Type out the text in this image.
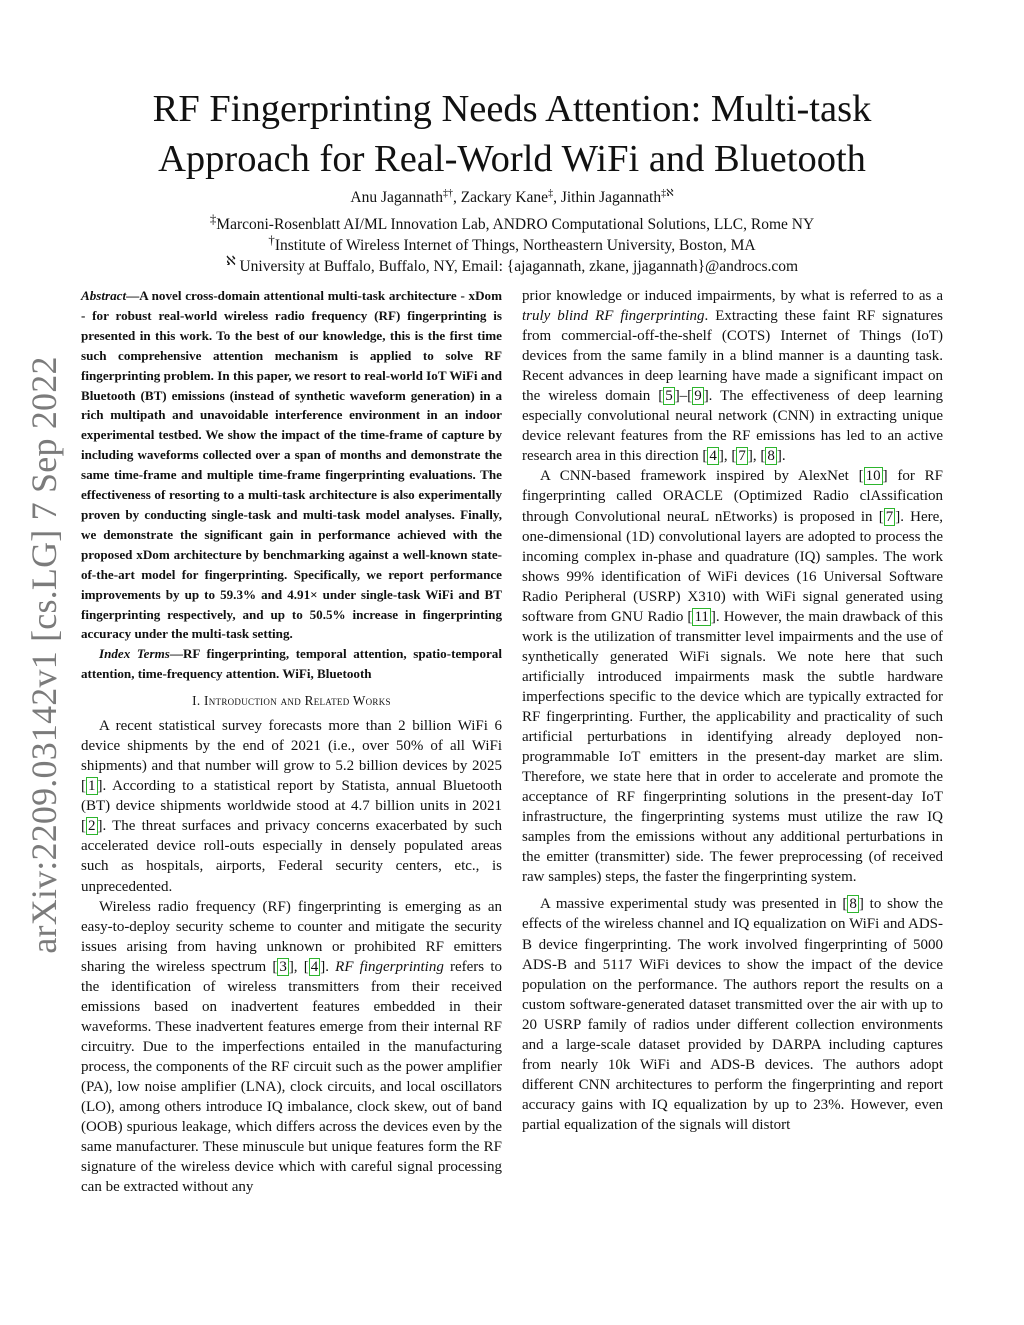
arXiv:2209.03142v1 [cs.LG] 7 Sep 2022
RF Fingerprinting Needs Attention: Multi-task Approach for Real-World WiFi and Bluetooth
Anu Jagannath‡†, Zackary Kane‡, Jithin Jagannath$^{\ddagger ℵ}$
‡Marconi-Rosenblatt AI/ML Innovation Lab, ANDRO Computational Solutions, LLC, Rome NY
†Institute of Wireless Internet of Things, Northeastern University, Boston, MA
$^ℵ$ University at Buffalo, Buffalo, NY, Email: {ajagannath, zkane, jjagannath}@androcs.com

Abstract—A novel cross-domain attentional multi-task architecture - xDom - for robust real-world wireless radio frequency (RF) fingerprinting is presented in this work. To the best of our knowledge, this is the first time such comprehensive attention mechanism is applied to solve RF fingerprinting problem. In this paper, we resort to real-world IoT WiFi and Bluetooth (BT) emissions (instead of synthetic waveform generation) in a rich multipath and unavoidable interference environment in an indoor experimental testbed. We show the impact of the time-frame of capture by including waveforms collected over a span of months and demonstrate the same time-frame and multiple time-frame fingerprinting evaluations. The effectiveness of resorting to a multi-task architecture is also experimentally proven by conducting single-task and multi-task model analyses. Finally, we demonstrate the significant gain in performance achieved with the proposed xDom architecture by benchmarking against a well-known state-of-the-art model for fingerprinting. Specifically, we report performance improvements by up to 59.3% and 4.91× under single-task WiFi and BT fingerprinting respectively, and up to 50.5% increase in fingerprinting accuracy under the multi-task setting.

Index Terms—RF fingerprinting, temporal attention, spatio-temporal attention, time-frequency attention. WiFi, Bluetooth

I. Introduction and Related Works

A recent statistical survey forecasts more than 2 billion WiFi 6 device shipments by the end of 2021 (i.e., over 50% of all WiFi shipments) and that number will grow to 5.2 billion devices by 2025 [ 1 ]. According to a statistical report by Statista, annual Bluetooth (BT) device shipments worldwide stood at 4.7 billion units in 2021 [ 2 ]. The threat surfaces and privacy concerns exacerbated by such accelerated device roll-outs especially in densely populated areas such as hospitals, airports, Federal security centers, etc., is unprecedented.

Wireless radio frequency (RF) fingerprinting is emerging as an easy-to-deploy security scheme to counter and mitigate the security issues arising from having unknown or prohibited RF emitters sharing the wireless spectrum [ 3 ], [ 4 ]. RF fingerprinting refers to the identification of wireless transmitters from their received emissions based on inadvertent features embedded in their waveforms. These inadvertent features emerge from their internal RF circuitry. Due to the imperfections entailed in the manufacturing process, the components of the RF circuit such as the power amplifier (PA), low noise amplifier (LNA), clock circuits, and local oscillators (LO), among others introduce IQ imbalance, clock skew, out of band (OOB) spurious leakage, which differs across the devices even by the same manufacturer. These minuscule but unique features form the RF signature of the wireless device which with careful signal processing can be extracted without any

prior knowledge or induced impairments, by what is referred to as a truly blind RF fingerprinting. Extracting these faint RF signatures from commercial-off-the-shelf (COTS) Internet of Things (IoT) devices from the same family in a blind manner is a daunting task. Recent advances in deep learning have made a significant impact on the wireless domain [ 5 ]–[ 9 ]. The effectiveness of deep learning especially convolutional neural network (CNN) in extracting unique device relevant features from the RF emissions has led to an active research area in this direction [ 4 ], [ 7 ], [ 8 ].

A CNN-based framework inspired by AlexNet [ 10 ] for RF fingerprinting called ORACLE (Optimized Radio clAssification through Convolutional neuraL nEtworks) is proposed in [ 7 ]. Here, one-dimensional (1D) convolutional layers are adopted to process the incoming complex in-phase and quadrature (IQ) samples. The work shows 99% identification of WiFi devices (16 Universal Software Radio Peripheral (USRP) X310) with WiFi signal generated using software from GNU Radio [ 11 ]. However, the main drawback of this work is the utilization of transmitter level impairments and the use of synthetically generated WiFi signals. We note here that such artificially introduced impairments mask the subtle hardware imperfections specific to the device which are typically extracted for RF fingerprinting. Further, the applicability and practicality of such artificial perturbations in identifying already deployed non-programmable IoT emitters in the present-day market are slim. Therefore, we state here that in order to accelerate and promote the acceptance of RF fingerprinting solutions in the present-day IoT infrastructure, the fingerprinting systems must utilize the raw IQ samples from the emissions without any additional perturbations in the emitter (transmitter) side. The fewer preprocessing (of received raw samples) steps, the faster the fingerprinting system.

A massive experimental study was presented in [ 8 ] to show the effects of the wireless channel and IQ equalization on WiFi and ADS-B device fingerprinting. The work involved fingerprinting of 5000 ADS-B and 5117 WiFi devices to show the impact of the device population on the performance. The authors report the results on a custom software-generated dataset transmitted over the air with up to 20 USRP family of radios under different collection environments and a large-scale dataset provided by DARPA including captures from nearly 10k WiFi and ADS-B devices. The authors adopt different CNN architectures to perform the fingerprinting and report accuracy gains with IQ equalization by up to 23%. However, even partial equalization of the signals will distort
